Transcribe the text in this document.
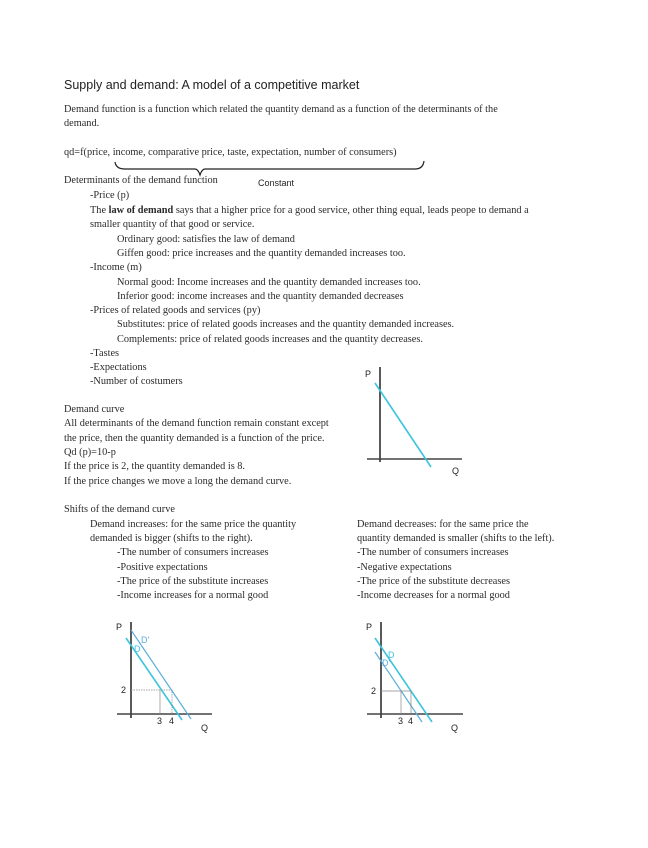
Supply and demand: A model of a competitive market
Demand function is a function which related the quantity demand as a function of the determinants of the
demand.
qd=f(price, income, comparative price, taste, expectation, number of consumers)
Determinants of the demand function
-Price (p)
The law of demand says that a higher price for a good service, other thing equal, leads peope to demand a
smaller quantity of that good or service.
Ordinary good: satisfies the law of demand
Giffen good: price increases and the quantity demanded increases too.
-Income (m)
Normal good: Income increases and the quantity demanded increases too.
Inferior good: income increases and the quantity demanded decreases
-Prices of related goods and services (py)
Substitutes: price of related goods increases and the quantity demanded increases.
Complements: price of related goods increases and the quantity decreases.
-Tastes
-Expectations
-Number of costumers
Demand curve
All determinants of the demand function remain constant except
the price, then the quantity demanded is a function of the price.
Qd (p)=10-p
If the price is 2, the quantity demanded is 8.
If the price changes we move a long the demand curve.
Shifts of the demand curve
Demand increases: for the same price the quantity
demanded is bigger (shifts to the right).
-The number of consumers increases
-Positive expectations
-The price of the substitute increases
-Income increases for a normal good
Demand decreases: for the same price the
quantity demanded is smaller (shifts to the left).
-The number of consumers increases
-Negative expectations
-The price of the substitute decreases
-Income decreases for a normal good
Constant
P
Q
P
Q
2
3 4
D
D'
P
Q
2
3 4
D
D'
